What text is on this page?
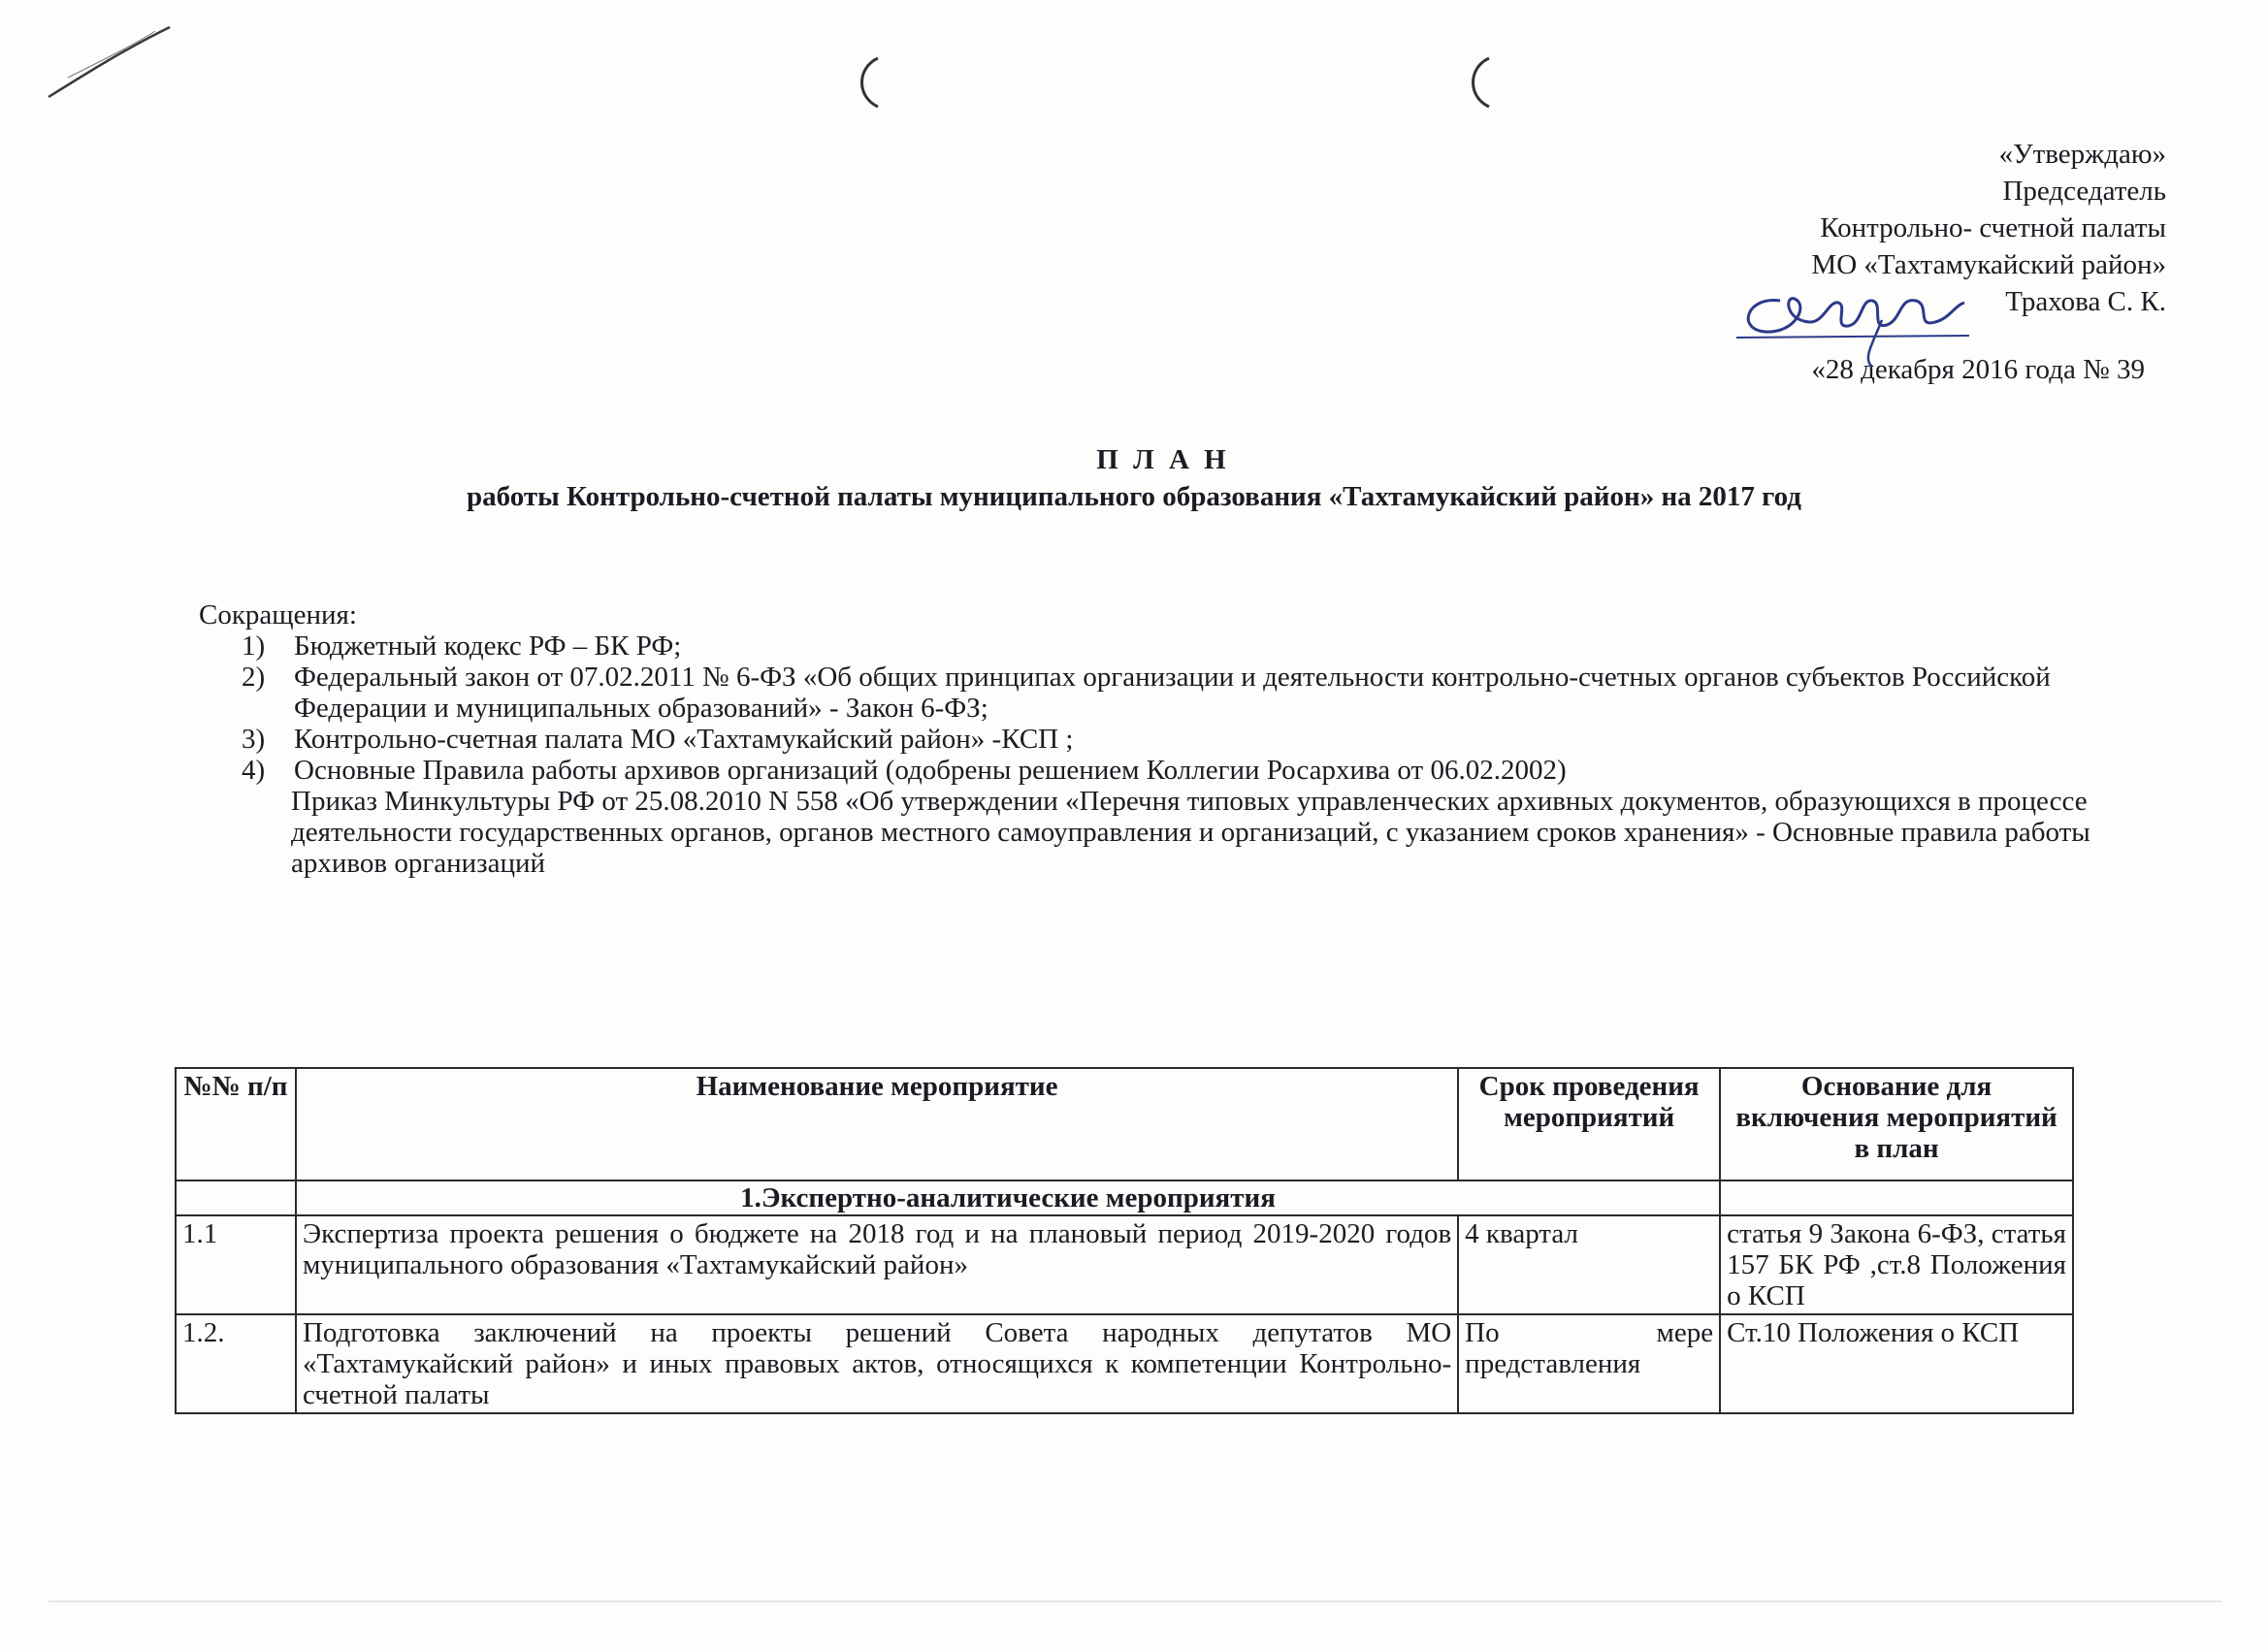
«Утверждаю»
Председатель
Контрольно- счетной палаты
МО «Тахтамукайский район»
Трахова С. К.
«28 декабря 2016 года № 39
П Л А Н
работы Контрольно-счетной палаты муниципального образования «Тахтамукайский район» на 2017 год
Сокращения:
1) Бюджетный кодекс РФ – БК РФ;
2) Федеральный закон от 07.02.2011 № 6-ФЗ «Об общих принципах организации и деятельности контрольно-счетных органов субъектов Российской Федерации и муниципальных образований» - Закон 6-ФЗ;
3) Контрольно-счетная палата МО «Тахтамукайский район» -КСП ;
4) Основные Правила работы архивов организаций (одобрены решением Коллегии Росархива от 06.02.2002)
Приказ Минкультуры РФ от 25.08.2010 N 558 «Об утверждении «Перечня типовых управленческих архивных документов, образующихся в процессе деятельности государственных органов, органов местного самоуправления и организаций, с указанием сроков хранения» - Основные правила работы архивов организаций
№№ п/п	Наименование мероприятие	Срок проведения мероприятий	Основание для включения мероприятий в план
	1.Экспертно-аналитические мероприятия		
1.1	Экспертиза проекта решения о бюджете на 2018 год и на плановый период 2019-2020 годов муниципального образования «Тахтамукайский район»	4 квартал	статья 9 Закона 6-ФЗ, статья 157 БК РФ ,ст.8 Положения о КСП
1.2.	Подготовка заключений на проекты решений Совета народных депутатов МО «Тахтамукайский район» и иных правовых актов, относящихся к компетенции Контрольно-счетной палаты	По мере представления	Ст.10 Положения о КСП
